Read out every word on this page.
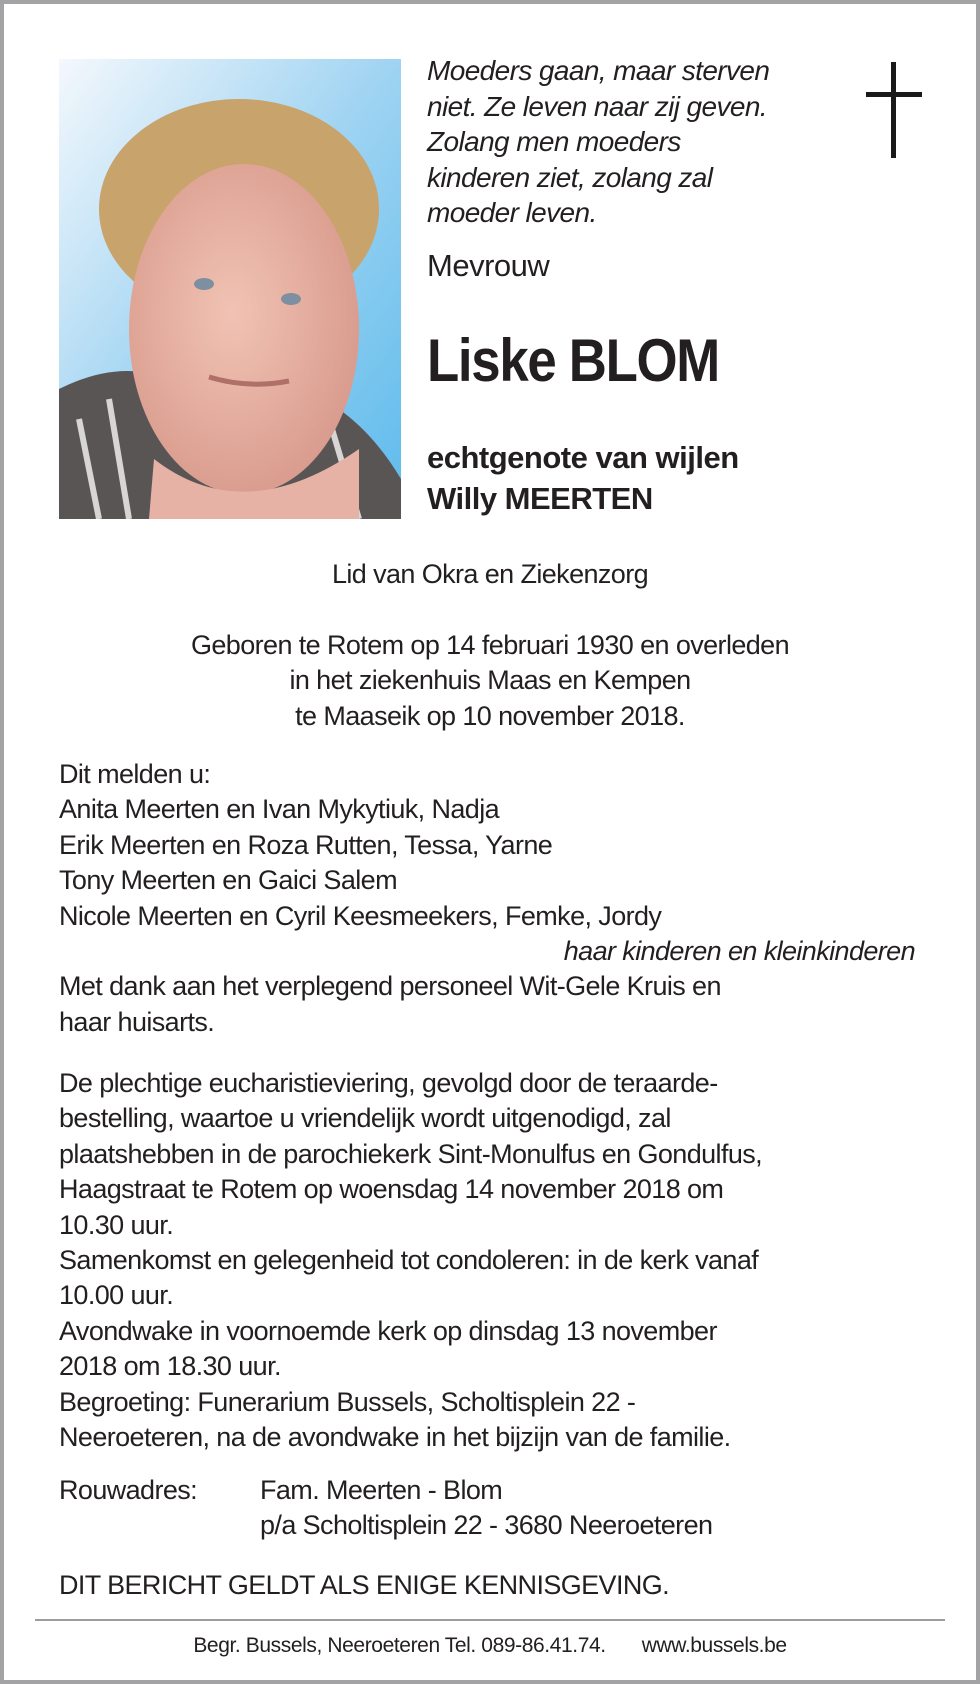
Moeders gaan, maar sterven
niet. Ze leven naar zij geven.
Zolang men moeders
kinderen ziet, zolang zal
moeder leven.
Mevrouw
Liske BLOM
echtgenote van wijlen
Willy MEERTEN
Lid van Okra en Ziekenzorg
Geboren te Rotem op 14 februari 1930 en overleden
in het ziekenhuis Maas en Kempen
te Maaseik op 10 november 2018.
Dit melden u:
Anita Meerten en Ivan Mykytiuk, Nadja
Erik Meerten en Roza Rutten, Tessa, Yarne
Tony Meerten en Gaici Salem
Nicole Meerten en Cyril Keesmeekers, Femke, Jordy
haar kinderen en kleinkinderen
Met dank aan het verplegend personeel Wit-Gele Kruis en
haar huisarts.
De plechtige eucharistieviering, gevolgd door de teraarde-
bestelling, waartoe u vriendelijk wordt uitgenodigd, zal
plaatshebben in de parochiekerk Sint-Monulfus en Gondulfus,
Haagstraat te Rotem op woensdag 14 november 2018 om
10.30 uur.
Samenkomst en gelegenheid tot condoleren: in de kerk vanaf
10.00 uur.
Avondwake in voornoemde kerk op dinsdag 13 november
2018 om 18.30 uur.
Begroeting: Funerarium Bussels, Scholtisplein 22 -
Neeroeteren, na de avondwake in het bijzijn van de familie.
Rouwadres: Fam. Meerten - Blom
p/a Scholtisplein 22 - 3680 Neeroeteren
DIT BERICHT GELDT ALS ENIGE KENNISGEVING.
Begr. Bussels, Neeroeteren Tel. 089-86.41.74. www.bussels.be
